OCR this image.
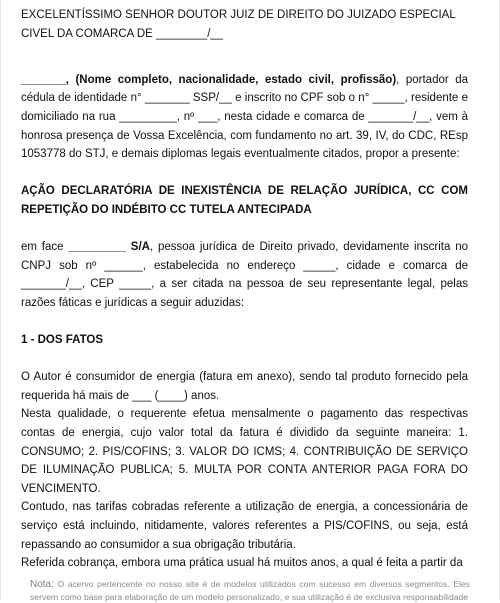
EXCELENTÍSSIMO SENHOR DOUTOR JUIZ DE DIREITO DO JUIZADO ESPECIAL
CIVEL DA COMARCA DE ________/__

_______, (Nome completo, nacionalidade, estado civil, profissão), portador da cédula de identidade n° _______ SSP/__ e inscrito no CPF sob o n° _____, residente e domiciliado na rua _________, nº ___, nesta cidade e comarca de _______/__, vem à honrosa presença de Vossa Excelência, com fundamento no art. 39, IV, do CDC, REsp 1053778 do STJ, e demais diplomas legais eventualmente citados, propor a presente:

AÇÃO DECLARATÓRIA DE INEXISTÊNCIA DE RELAÇÃO JURÍDICA, CC COM REPETIÇÃO DO INDÉBITO CC TUTELA ANTECIPADA

em face _________ S/A, pessoa jurídica de Direito privado, devidamente inscrita no CNPJ sob nº ______, estabelecida no endereço _____, cidade e comarca de _______/__, CEP _____, a ser citada na pessoa de seu representante legal, pelas razões fáticas e jurídicas a seguir aduzidas:

1 - DOS FATOS

O Autor é consumidor de energia (fatura em anexo), sendo tal produto fornecido pela requerida há mais de ___ (____) anos.

Nesta qualidade, o requerente efetua mensalmente o pagamento das respectivas contas de energia, cujo valor total da fatura é dividido da seguinte maneira: 1. CONSUMO; 2. PIS/COFINS; 3. VALOR DO ICMS; 4. CONTRIBUIÇÃO DE SERVIÇO DE ILUMINAÇÃO PUBLICA; 5. MULTA POR CONTA ANTERIOR PAGA FORA DO VENCIMENTO.

Contudo, nas tarifas cobradas referente a utilização de energia, a concessionária de serviço está incluindo, nitidamente, valores referentes a PIS/COFINS, ou seja, está repassando ao consumidor a sua obrigação tributária.

Referida cobrança, embora uma prática usual há muitos anos, a qual é feita a partir da

Nota: O acervo pertencente no nosso site é de modelos utilizados com sucesso em diversos segmentos. Eles servem como base para elaboração de um modelo personalizado, e sua utilização é de exclusiva responsabilidade
